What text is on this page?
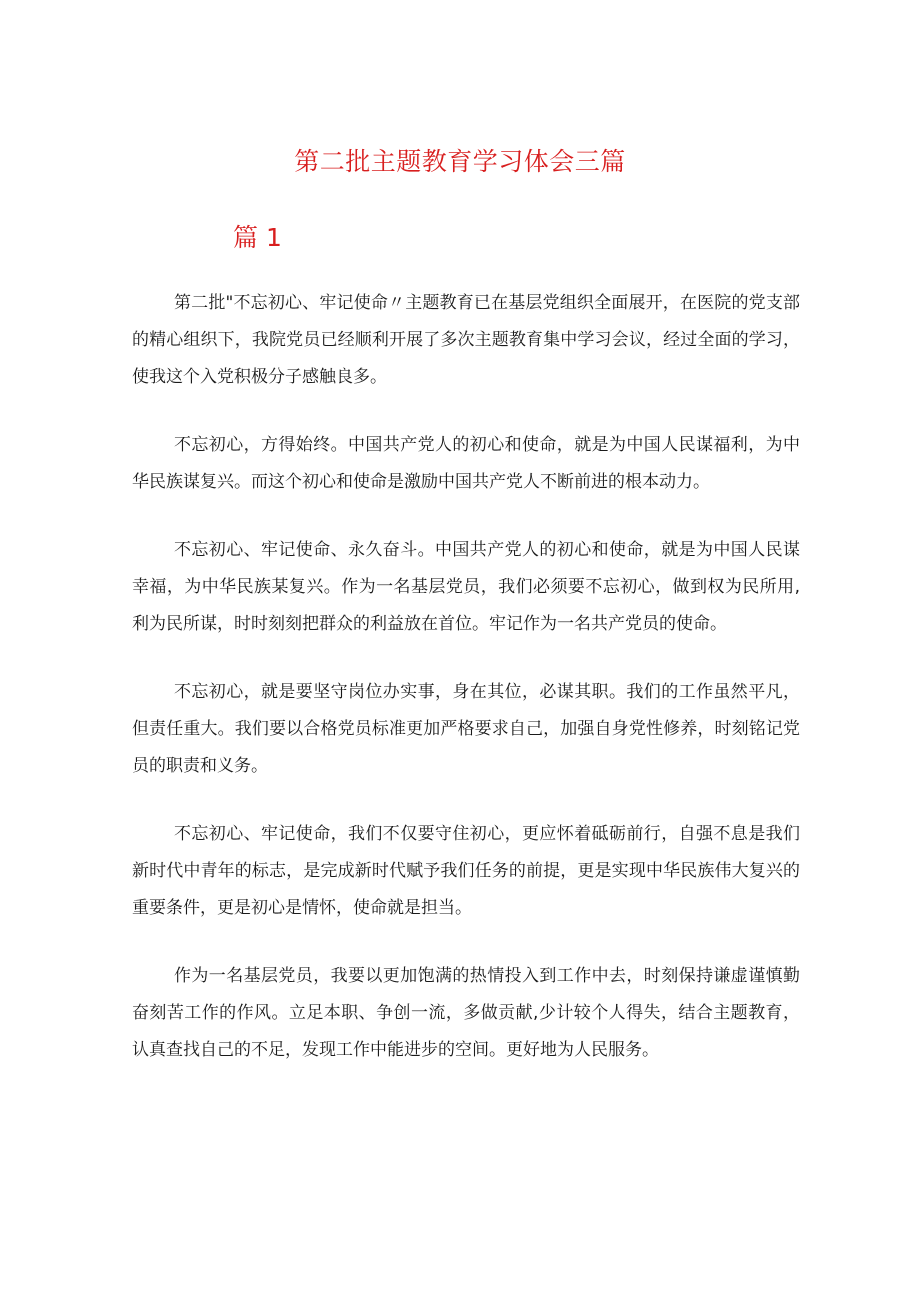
第二批主题教育学习体会三篇
篇 1

第二批"不忘初心、牢记使命〃主题教育已在基层党组织全面展开，在医院的党支部的精心组织下，我院党员已经顺利开展了多次主题教育集中学习会议，经过全面的学习，使我这个入党积极分子感触良多。

不忘初心，方得始终。中国共产党人的初心和使命，就是为中国人民谋福利，为中华民族谋复兴。而这个初心和使命是激励中国共产党人不断前进的根本动力。

不忘初心、牢记使命、永久奋斗。中国共产党人的初心和使命，就是为中国人民谋幸福，为中华民族某复兴。作为一名基层党员，我们必须要不忘初心，做到权为民所用,利为民所谋，时时刻刻把群众的利益放在首位。牢记作为一名共产党员的使命。

不忘初心，就是要坚守岗位办实事，身在其位，必谋其职。我们的工作虽然平凡，但责任重大。我们要以合格党员标准更加严格要求自己，加强自身党性修养，时刻铭记党员的职责和义务。

不忘初心、牢记使命，我们不仅要守住初心，更应怀着砥砺前行，自强不息是我们新时代中青年的标志，是完成新时代赋予我们任务的前提，更是实现中华民族伟大复兴的重要条件，更是初心是情怀，使命就是担当。

作为一名基层党员，我要以更加饱满的热情投入到工作中去，时刻保持谦虚谨慎勤奋刻苦工作的作风。立足本职、争创一流，多做贡献,少计较个人得失，结合主题教育，认真查找自己的不足，发现工作中能进步的空间。更好地为人民服务。
